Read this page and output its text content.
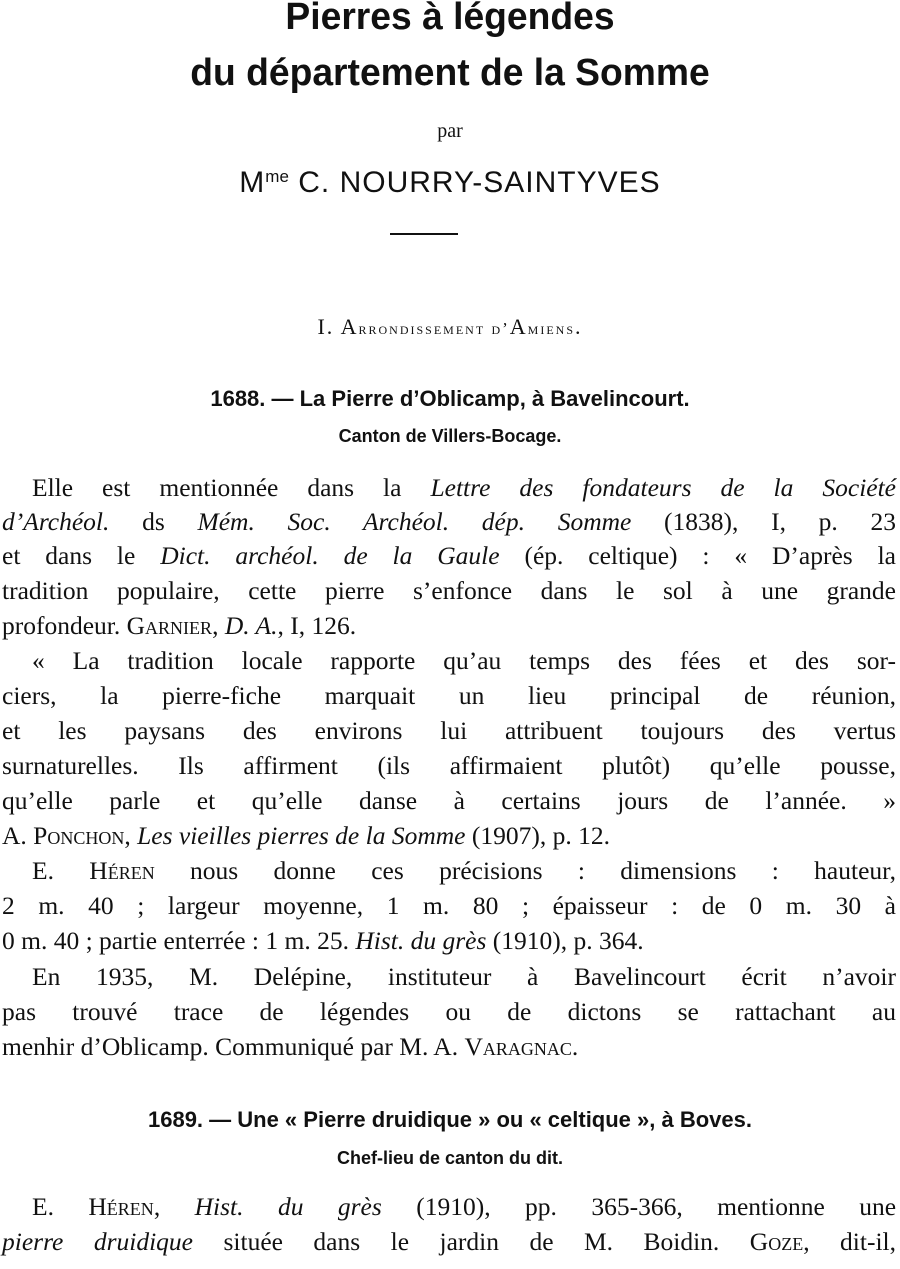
Pierres à légendes
du département de la Somme

par

$M^{me}$ C. NOURRY-SAINTYVES

I. Arrondissement d’Amiens.

1688. — La Pierre d’Oblicamp, à Bavelincourt.

Canton de Villers-Bocage.

Elle est mentionnée dans la Lettre des fondateurs de la Société

d’Archéol. ds Mém. Soc. Archéol. dép. Somme (1838), I, p. 23

et dans le Dict. archéol. de la Gaule (ép. celtique) : « D’après la

tradition populaire, cette pierre s’enfonce dans le sol à une grande

profondeur. Garnier, D. A., I, 126.

« La tradition locale rapporte qu’au temps des fées et des sor-

ciers, la pierre-fiche marquait un lieu principal de réunion,

et les paysans des environs lui attribuent toujours des vertus

surnaturelles. Ils affirment (ils affirmaient plutôt) qu’elle pousse,

qu’elle parle et qu’elle danse à certains jours de l’année. »

A. Ponchon, Les vieilles pierres de la Somme (1907), p. 12.

E. Héren nous donne ces précisions : dimensions : hauteur,

2 m. 40 ; largeur moyenne, 1 m. 80 ; épaisseur : de 0 m. 30 à

0 m. 40 ; partie enterrée : 1 m. 25. Hist. du grès (1910), p. 364.

En 1935, M. Delépine, instituteur à Bavelincourt écrit n’avoir

pas trouvé trace de légendes ou de dictons se rattachant au

menhir d’Oblicamp. Communiqué par M. A. Varagnac.

1689. — Une « Pierre druidique » ou « celtique », à Boves.

Chef-lieu de canton du dit.

E. Héren, Hist. du grès (1910), pp. 365-366, mentionne une

pierre druidique située dans le jardin de M. Boidin. Goze, dit-il,
